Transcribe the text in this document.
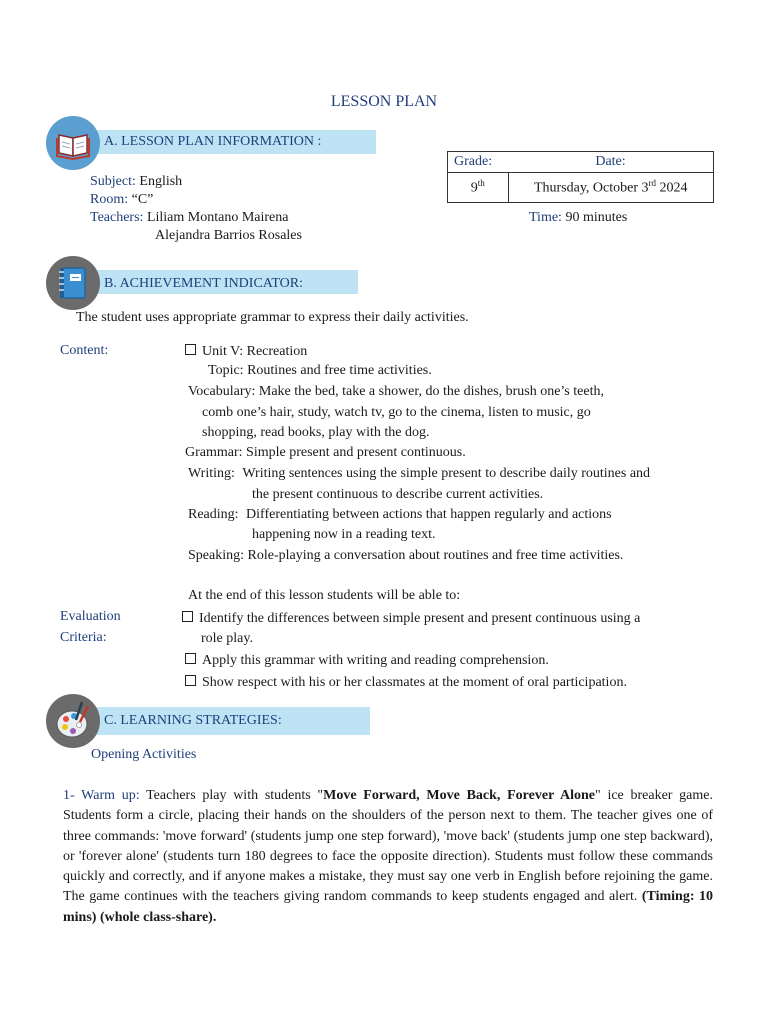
LESSON PLAN
A. LESSON PLAN INFORMATION :
Subject: English
Room: “C”
Teachers: Liliam Montano Mairena
Alejandra Barrios Rosales
Grade:	Date:
9th	Thursday, October 3rd 2024
Time: 90 minutes
B. ACHIEVEMENT INDICATOR:
The student uses appropriate grammar to express their daily activities.
Content:	Unit V: Recreation
Topic: Routines and free time activities.
Vocabulary: Make the bed, take a shower, do the dishes, brush one’s teeth,
comb one’s hair, study, watch tv, go to the cinema, listen to music, go
shopping, read books, play with the dog.
Grammar: Simple present and present continuous.
Writing: Writing sentences using the simple present to describe daily routines and
the present continuous to describe current activities.
Reading: Differentiating between actions that happen regularly and actions
happening now in a reading text.
Speaking: Role-playing a conversation about routines and free time activities.
At the end of this lesson students will be able to:
Evaluation
Criteria:
Identify the differences between simple present and present continuous using a
role play.
Apply this grammar with writing and reading comprehension.
Show respect with his or her classmates at the moment of oral participation.
C. LEARNING STRATEGIES:
Opening Activities
1- Warm up: Teachers play with students "Move Forward, Move Back, Forever Alone" ice breaker game. Students form a circle, placing their hands on the shoulders of the person next to them. The teacher gives one of three commands: 'move forward' (students jump one step forward), 'move back' (students jump one step backward), or 'forever alone' (students turn 180 degrees to face the opposite direction). Students must follow these commands quickly and correctly, and if anyone makes a mistake, they must say one verb in English before rejoining the game. The game continues with the teachers giving random commands to keep students engaged and alert. (Timing: 10 mins) (whole class-share).
